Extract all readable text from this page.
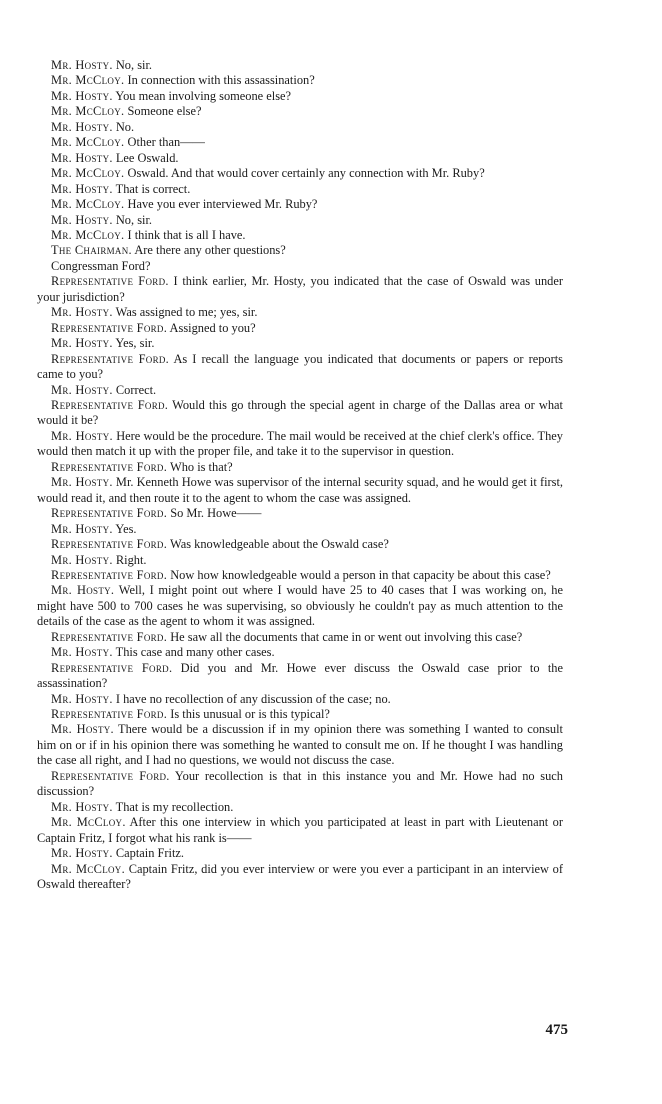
Mr. Hosty. No, sir.

Mr. McCloy. In connection with this assassination?

Mr. Hosty. You mean involving someone else?

Mr. McCloy. Someone else?

Mr. Hosty. No.

Mr. McCloy. Other than——

Mr. Hosty. Lee Oswald.

Mr. McCloy. Oswald. And that would cover certainly any connection with Mr. Ruby?

Mr. Hosty. That is correct.

Mr. McCloy. Have you ever interviewed Mr. Ruby?

Mr. Hosty. No, sir.

Mr. McCloy. I think that is all I have.

The Chairman. Are there any other questions?

Congressman Ford?

Representative Ford. I think earlier, Mr. Hosty, you indicated that the case of Oswald was under your jurisdiction?

Mr. Hosty. Was assigned to me; yes, sir.

Representative Ford. Assigned to you?

Mr. Hosty. Yes, sir.

Representative Ford. As I recall the language you indicated that documents or papers or reports came to you?

Mr. Hosty. Correct.

Representative Ford. Would this go through the special agent in charge of the Dallas area or what would it be?

Mr. Hosty. Here would be the procedure. The mail would be received at the chief clerk's office. They would then match it up with the proper file, and take it to the supervisor in question.

Representative Ford. Who is that?

Mr. Hosty. Mr. Kenneth Howe was supervisor of the internal security squad, and he would get it first, would read it, and then route it to the agent to whom the case was assigned.

Representative Ford. So Mr. Howe——

Mr. Hosty. Yes.

Representative Ford. Was knowledgeable about the Oswald case?

Mr. Hosty. Right.

Representative Ford. Now how knowledgeable would a person in that capacity be about this case?

Mr. Hosty. Well, I might point out where I would have 25 to 40 cases that I was working on, he might have 500 to 700 cases he was supervising, so obviously he couldn't pay as much attention to the details of the case as the agent to whom it was assigned.

Representative Ford. He saw all the documents that came in or went out involving this case?

Mr. Hosty. This case and many other cases.

Representative Ford. Did you and Mr. Howe ever discuss the Oswald case prior to the assassination?

Mr. Hosty. I have no recollection of any discussion of the case; no.

Representative Ford. Is this unusual or is this typical?

Mr. Hosty. There would be a discussion if in my opinion there was something I wanted to consult him on or if in his opinion there was something he wanted to consult me on. If he thought I was handling the case all right, and I had no questions, we would not discuss the case.

Representative Ford. Your recollection is that in this instance you and Mr. Howe had no such discussion?

Mr. Hosty. That is my recollection.

Mr. McCloy. After this one interview in which you participated at least in part with Lieutenant or Captain Fritz, I forgot what his rank is——

Mr. Hosty. Captain Fritz.

Mr. McCloy. Captain Fritz, did you ever interview or were you ever a participant in an interview of Oswald thereafter?

475
